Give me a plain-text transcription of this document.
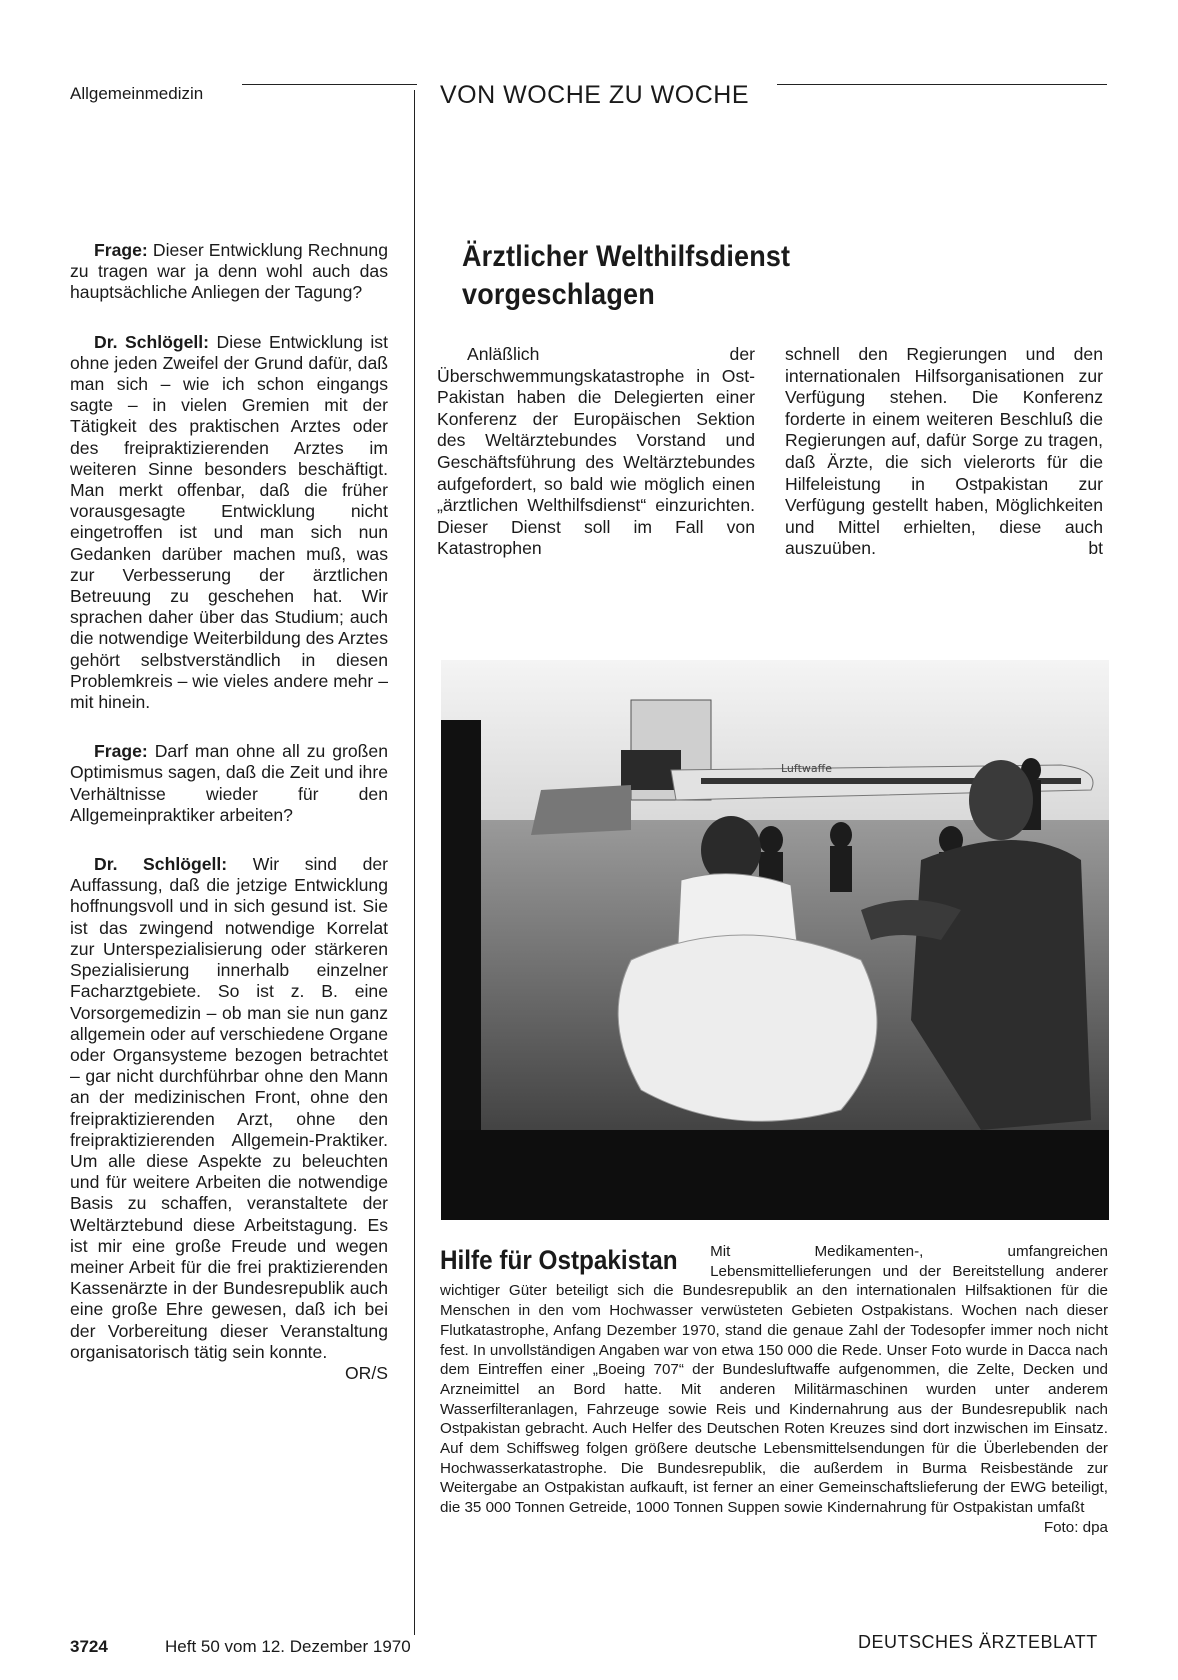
Allgemeinmedizin	VON WOCHE ZU WOCHE

Frage: Dieser Entwicklung Rechnung zu tragen war ja denn wohl auch das hauptsächliche Anliegen der Tagung?

Dr. Schlögell: Diese Entwicklung ist ohne jeden Zweifel der Grund dafür, daß man sich – wie ich schon eingangs sagte – in vielen Gremien mit der Tätigkeit des praktischen Arztes oder des freipraktizierenden Arztes im weiteren Sinne besonders beschäftigt. Man merkt offenbar, daß die früher vorausgesagte Entwicklung nicht eingetroffen ist und man sich nun Gedanken darüber machen muß, was zur Verbesserung der ärztlichen Betreuung zu geschehen hat. Wir sprachen daher über das Studium; auch die notwendige Weiterbildung des Arztes gehört selbstverständlich in diesen Problemkreis – wie vieles andere mehr – mit hinein.

Frage: Darf man ohne all zu großen Optimismus sagen, daß die Zeit und ihre Verhältnisse wieder für den Allgemeinpraktiker arbeiten?

Dr. Schlögell: Wir sind der Auffassung, daß die jetzige Entwicklung hoffnungsvoll und in sich gesund ist. Sie ist das zwingend notwendige Korrelat zur Unterspezialisierung oder stärkeren Spezialisierung innerhalb einzelner Facharztgebiete. So ist z. B. eine Vorsorgemedizin – ob man sie nun ganz allgemein oder auf verschiedene Organe oder Organsysteme bezogen betrachtet – gar nicht durchführbar ohne den Mann an der medizinischen Front, ohne den freipraktizierenden Arzt, ohne den freipraktizierenden Allgemein-Praktiker. Um alle diese Aspekte zu beleuchten und für weitere Arbeiten die notwendige Basis zu schaffen, veranstaltete der Weltärztebund diese Arbeitstagung. Es ist mir eine große Freude und wegen meiner Arbeit für die frei praktizierenden Kassenärzte in der Bundesrepublik auch eine große Ehre gewesen, daß ich bei der Vorbereitung dieser Veranstaltung organisatorisch tätig sein konnte.
OR/S

Ärztlicher Welthilfsdienst
vorgeschlagen
Anläßlich der Überschwemmungskatastrophe in Ost-Pakistan haben die Delegierten einer Konferenz der Europäischen Sektion des Weltärztebundes Vorstand und Geschäftsführung des Weltärztebundes aufgefordert, so bald wie möglich einen „ärztlichen Welthilfsdienst“ einzurichten. Dieser Dienst soll im Fall von Katastrophen
schnell den Regierungen und den internationalen Hilfsorganisationen zur Verfügung stehen. Die Konferenz forderte in einem weiteren Beschluß die Regierungen auf, dafür Sorge zu tragen, daß Ärzte, die sich vielerorts für die Hilfeleistung in Ostpakistan zur Verfügung gestellt haben, Möglichkeiten und Mittel erhielten, diese auch auszuüben.	bt
Luftwaffe
Hilfe für Ostpakistan Mit Medikamenten-, umfangreichen Lebensmittellieferungen und der Bereitstellung anderer wichtiger Güter beteiligt sich die Bundesrepublik an den internationalen Hilfsaktionen für die Menschen in den vom Hochwasser verwüsteten Gebieten Ostpakistans. Wochen nach dieser Flutkatastrophe, Anfang Dezember 1970, stand die genaue Zahl der Todesopfer immer noch nicht fest. In unvollständigen Angaben war von etwa 150 000 die Rede. Unser Foto wurde in Dacca nach dem Eintreffen einer „Boeing 707“ der Bundesluftwaffe aufgenommen, die Zelte, Decken und Arzneimittel an Bord hatte. Mit anderen Militärmaschinen wurden unter anderem Wasserfilteranlagen, Fahrzeuge sowie Reis und Kindernahrung aus der Bundesrepublik nach Ostpakistan gebracht. Auch Helfer des Deutschen Roten Kreuzes sind dort inzwischen im Einsatz. Auf dem Schiffsweg folgen größere deutsche Lebensmittelsendungen für die Überlebenden der Hochwasserkatastrophe. Die Bundesrepublik, die außerdem in Burma Reisbestände zur Weitergabe an Ostpakistan aufkauft, ist ferner an einer Gemeinschaftslieferung der EWG beteiligt, die 35 000 Tonnen Getreide, 1000 Tonnen Suppen sowie Kindernahrung für Ostpakistan umfaßt
Foto: dpa
3724	Heft 50 vom 12. Dezember 1970	DEUTSCHES ÄRZTEBLATT
